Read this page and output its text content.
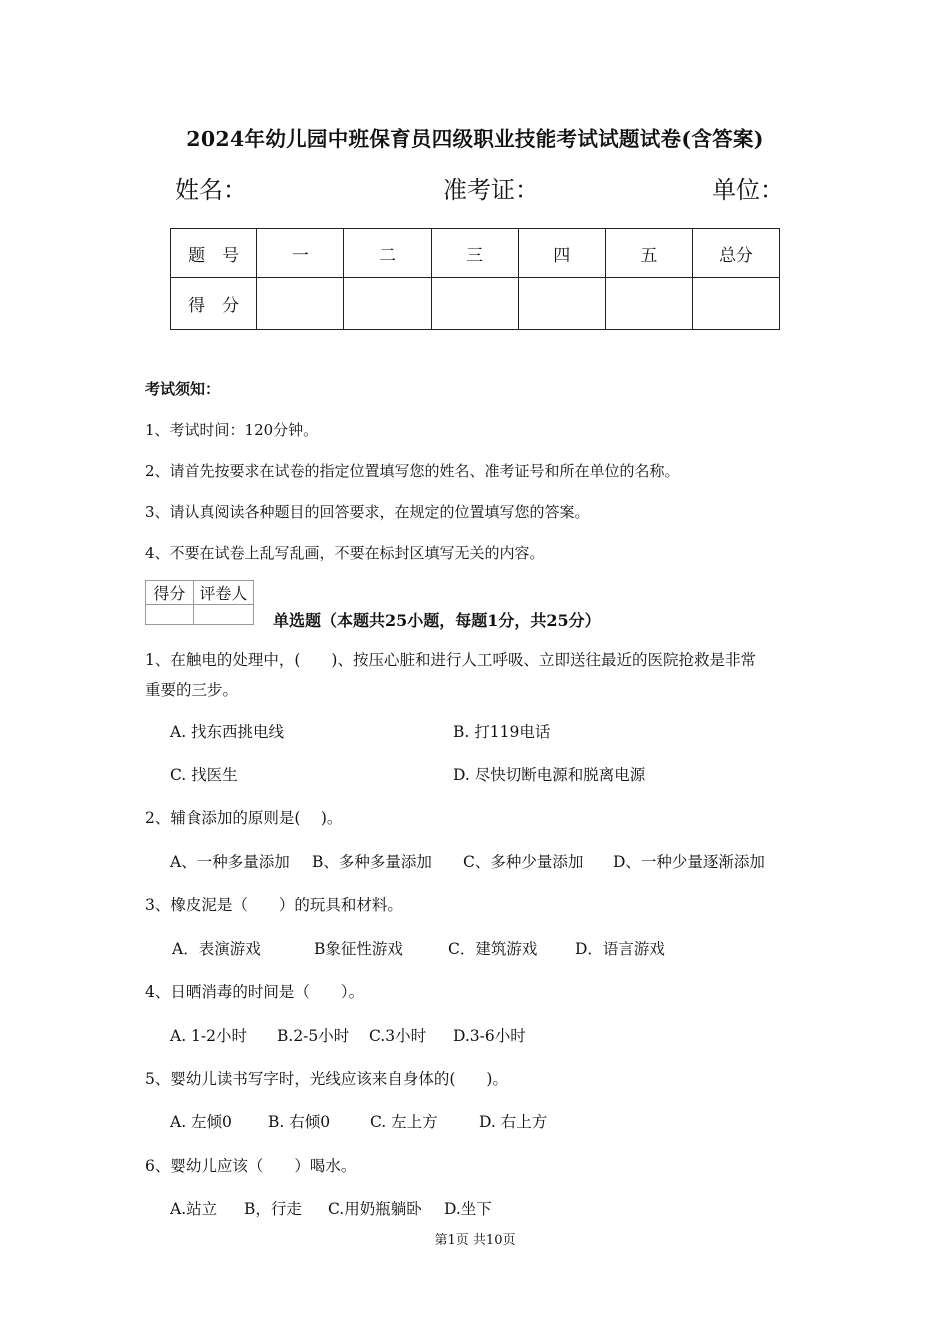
2024年幼儿园中班保育员四级职业技能考试试题试卷(含答案)
姓名：	准考证：	单位：
题　号	一	二	三	四	五	总分
得　分						
考试须知：
1、考试时间：120分钟。
2、请首先按要求在试卷的指定位置填写您的姓名、准考证号和所在单位的名称。
3、请认真阅读各种题目的回答要求，在规定的位置填写您的答案。
4、不要在试卷上乱写乱画，不要在标封区填写无关的内容。
得分	评卷人

单选题（本题共25小题，每题1分，共25分）
1、在触电的处理中，(　　)、按压心脏和进行人工呼吸、立即送往最近的医院抢救是非常
重要的三步。
A. 找东西挑电线	B. 打119电话
C. 找医生	D. 尽快切断电源和脱离电源
2、辅食添加的原则是(　 )。
A、一种多量添加 B、多种多量添加 C、多种少量添加 D、一种少量逐渐添加
3、橡皮泥是（　　）的玩具和材料。
A．表演游戏	B象征性游戏	C．建筑游戏 D．语言游戏
4、日晒消毒的时间是（　　）。
A. 1-2小时 B.2-5小时 C.3小时 D.3-6小时
5、婴幼儿读书写字时，光线应该来自身体的(　　)。
A. 左倾0 B. 右倾0	C. 左上方	D. 右上方
6、婴幼儿应该（　　）喝水。
A.站立 B，行走 C.用奶瓶躺卧 D.坐下
第1页 共10页
